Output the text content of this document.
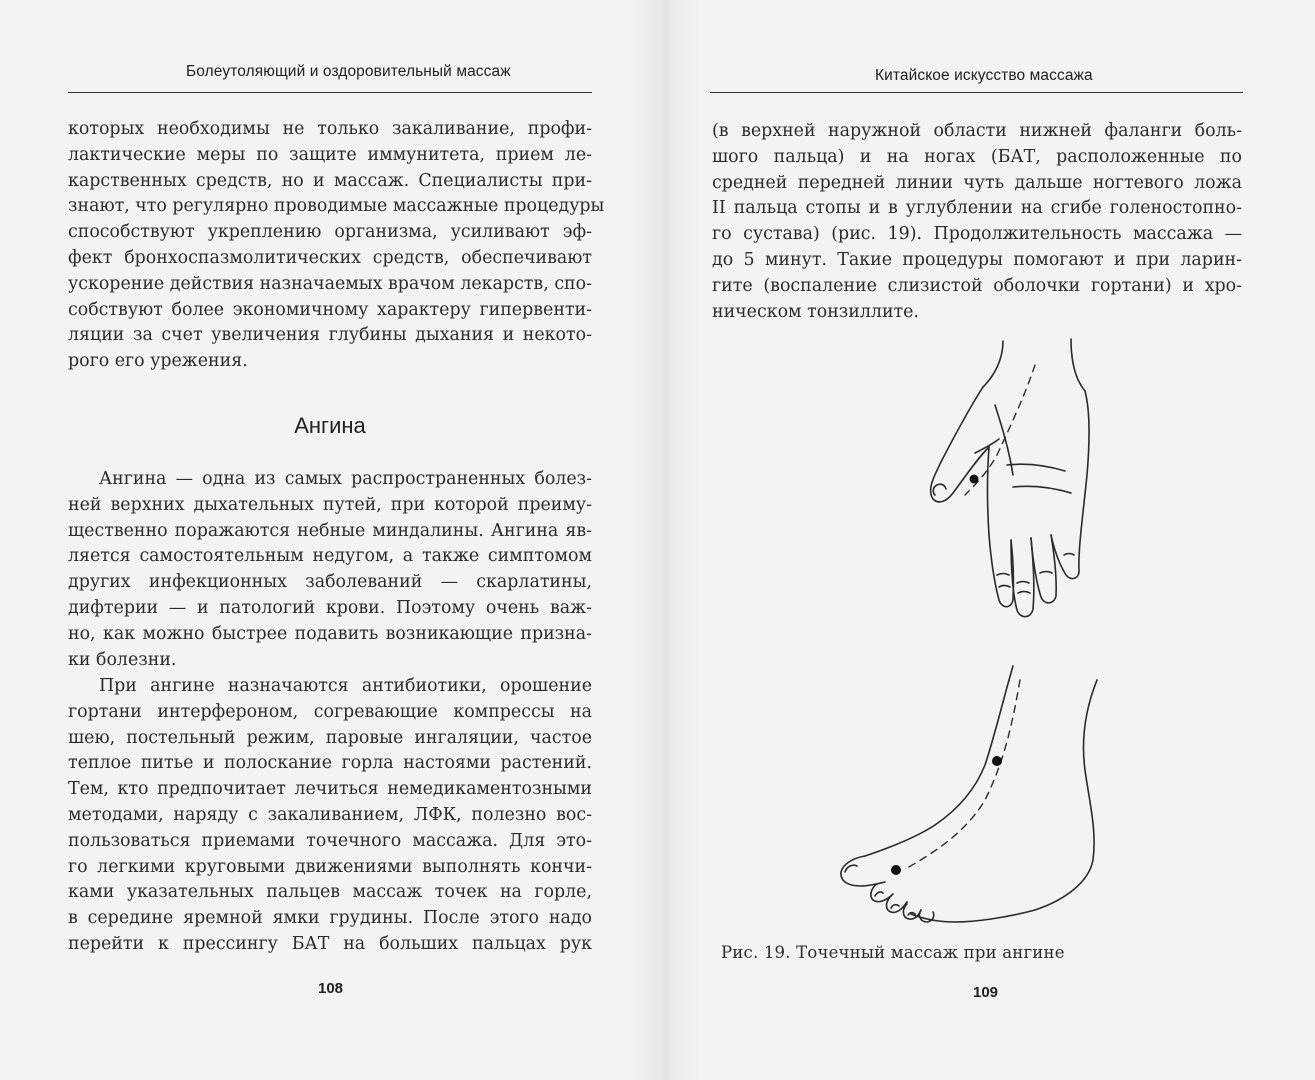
Болеутоляющий и оздоровительный массаж
которых необходимы не только закаливание, профи-
лактические меры по защите иммунитета, прием ле-
карственных средств, но и массаж. Специалисты при-
знают, что регулярно проводимые массажные процедуры
способствуют укреплению организма, усиливают эф-
фект бронхоспазмолитических средств, обеспечивают
ускорение действия назначаемых врачом лекарств, спо-
собствуют более экономичному характеру гипервенти-
ляции за счет увеличения глубины дыхания и некото-
рого его урежения.
Ангина
Ангина — одна из самых распространенных болез-
ней верхних дыхательных путей, при которой преиму-
щественно поражаются небные миндалины. Ангина яв-
ляется самостоятельным недугом, а также симптомом
других инфекционных заболеваний — скарлатины,
дифтерии — и патологий крови. Поэтому очень важ-
но, как можно быстрее подавить возникающие призна-
ки болезни.
При ангине назначаются антибиотики, орошение
гортани интерфероном, согревающие компрессы на
шею, постельный режим, паровые ингаляции, частое
теплое питье и полоскание горла настоями растений.
Тем, кто предпочитает лечиться немедикаментозными
методами, наряду с закаливанием, ЛФК, полезно вос-
пользоваться приемами точечного массажа. Для это-
го легкими круговыми движениями выполнять кончи-
ками указательных пальцев массаж точек на горле,
в середине яремной ямки грудины. После этого надо
перейти к прессингу БАТ на больших пальцах рук
108
Китайское искусство массажа
(в верхней наружной области нижней фаланги боль-
шого пальца) и на ногах (БАТ, расположенные по
средней передней линии чуть дальше ногтевого ложа
II пальца стопы и в углублении на сгибе голеностопно-
го сустава) (рис. 19). Продолжительность массажа —
до 5 минут. Такие процедуры помогают и при ларин-
гите (воспаление слизистой оболочки гортани) и хро-
ническом тонзиллите.
Рис. 19. Точечный массаж при ангине
109
